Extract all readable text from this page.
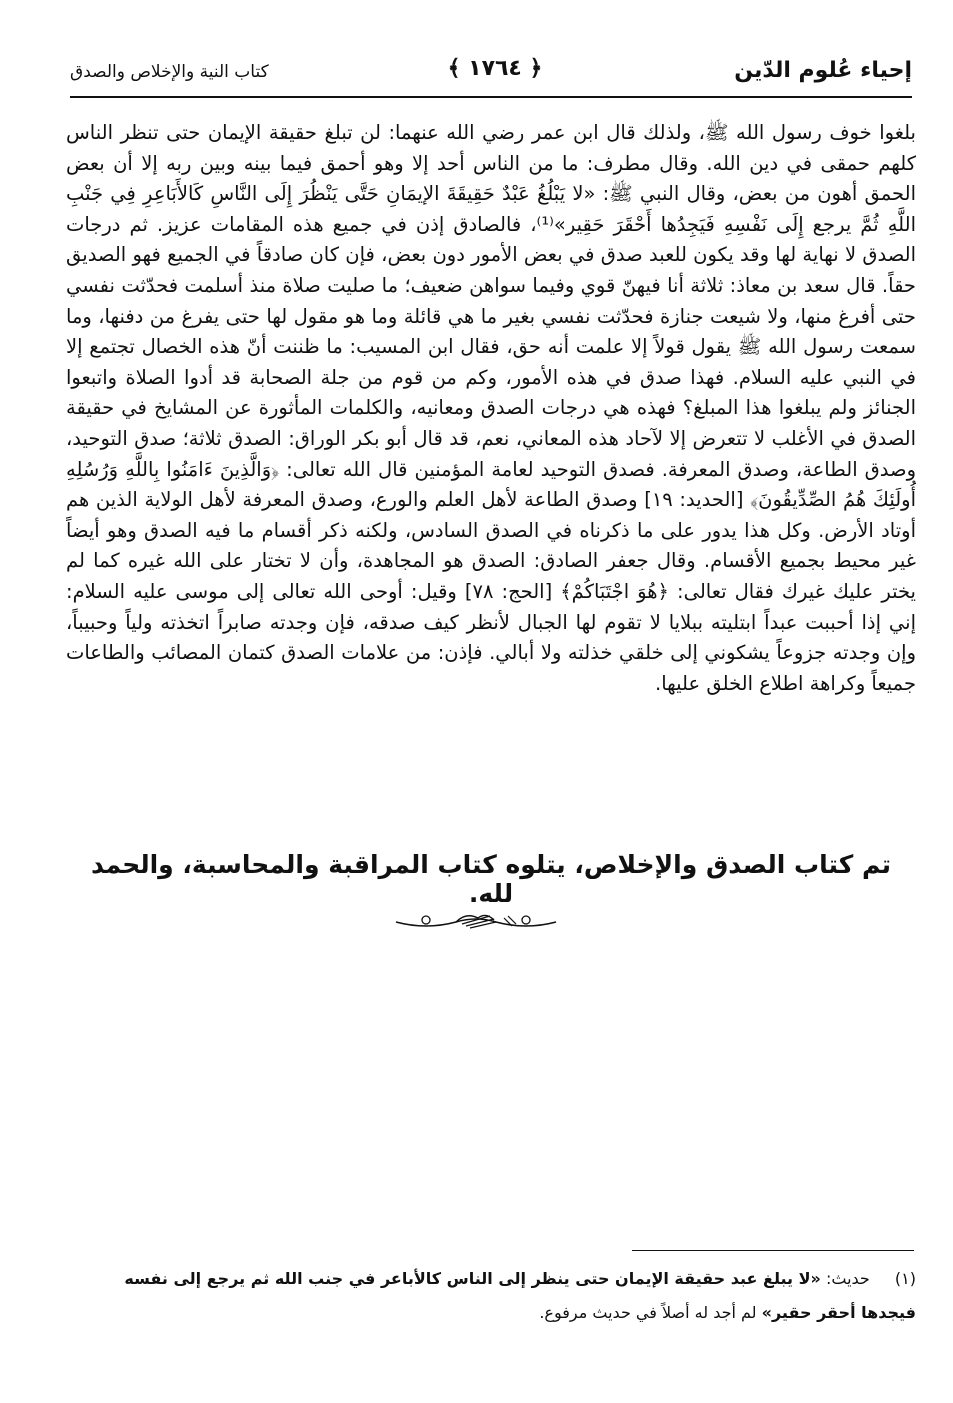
إحياء عُلوم الدّين
﴿ ١٧٦٤ ﴾
كتاب النية والإخلاص والصدق

بلغوا خوف رسول الله ﷺ، ولذلك قال ابن عمر رضي الله عنهما: لن تبلغ حقيقة الإيمان حتى تنظر الناس كلهم حمقى في دين الله. وقال مطرف: ما من الناس أحد إلا وهو أحمق فيما بينه وبين ربه إلا أن بعض الحمق أهون من بعض، وقال النبي ﷺ: «لا يَبْلُغُ عَبْدٌ حَقِيقَةَ الإيمَانِ حَتَّى يَنْظُرَ إِلَى النَّاسِ كَالأَبَاعِرِ فِي جَنْبِ اللَّهِ ثُمَّ يرجع إِلَى نَفْسِهِ فَيَجِدُها أَحْقَرَ حَقِير»⁽¹⁾، فالصادق إذن في جميع هذه المقامات عزيز. ثم درجات الصدق لا نهاية لها وقد يكون للعبد صدق في بعض الأمور دون بعض، فإن كان صادقاً في الجميع فهو الصديق حقاً. قال سعد بن معاذ: ثلاثة أنا فيهنّ قوي وفيما سواهن ضعيف؛ ما صليت صلاة منذ أسلمت فحدّثت نفسي حتى أفرغ منها، ولا شيعت جنازة فحدّثت نفسي بغير ما هي قائلة وما هو مقول لها حتى يفرغ من دفنها، وما سمعت رسول الله ﷺ يقول قولاً إلا علمت أنه حق، فقال ابن المسيب: ما ظننت أنّ هذه الخصال تجتمع إلا في النبي عليه السلام. فهذا صدق في هذه الأمور، وكم من قوم من جلة الصحابة قد أدوا الصلاة واتبعوا الجنائز ولم يبلغوا هذا المبلغ؟ فهذه هي درجات الصدق ومعانيه، والكلمات المأثورة عن المشايخ في حقيقة الصدق في الأغلب لا تتعرض إلا لآحاد هذه المعاني، نعم، قد قال أبو بكر الوراق: الصدق ثلاثة؛ صدق التوحيد، وصدق الطاعة، وصدق المعرفة. فصدق التوحيد لعامة المؤمنين قال الله تعالى: ﴿وَالَّذِينَ ءَامَنُوا بِاللَّهِ وَرُسُلِهِ أُولَئِكَ هُمُ الصِّدِّيقُونَ﴾ [الحديد: ١٩] وصدق الطاعة لأهل العلم والورع، وصدق المعرفة لأهل الولاية الذين هم أوتاد الأرض. وكل هذا يدور على ما ذكرناه في الصدق السادس، ولكنه ذكر أقسام ما فيه الصدق وهو أيضاً غير محيط بجميع الأقسام. وقال جعفر الصادق: الصدق هو المجاهدة، وأن لا تختار على الله غيره كما لم يختر عليك غيرك فقال تعالى: ﴿هُوَ اجْتَبَاكُمْ﴾ [الحج: ٧٨] وقيل: أوحى الله تعالى إلى موسى عليه السلام: إني إذا أحببت عبداً ابتليته ببلايا لا تقوم لها الجبال لأنظر كيف صدقه، فإن وجدته صابراً اتخذته ولياً وحبيباً، وإن وجدته جزوعاً يشكوني إلى خلقي خذلته ولا أبالي. فإذن: من علامات الصدق كتمان المصائب والطاعات جميعاً وكراهة اطلاع الخلق عليها.

تم كتاب الصدق والإخلاص، يتلوه كتاب المراقبة والمحاسبة، والحمد لله.

(١) حديث: «لا يبلغ عبد حقيقة الإيمان حتى ينظر إلى الناس كالأباعر في جنب الله ثم يرجع إلى نفسه فيجدها أحقر حقير» لم أجد له أصلاً في حديث مرفوع.
